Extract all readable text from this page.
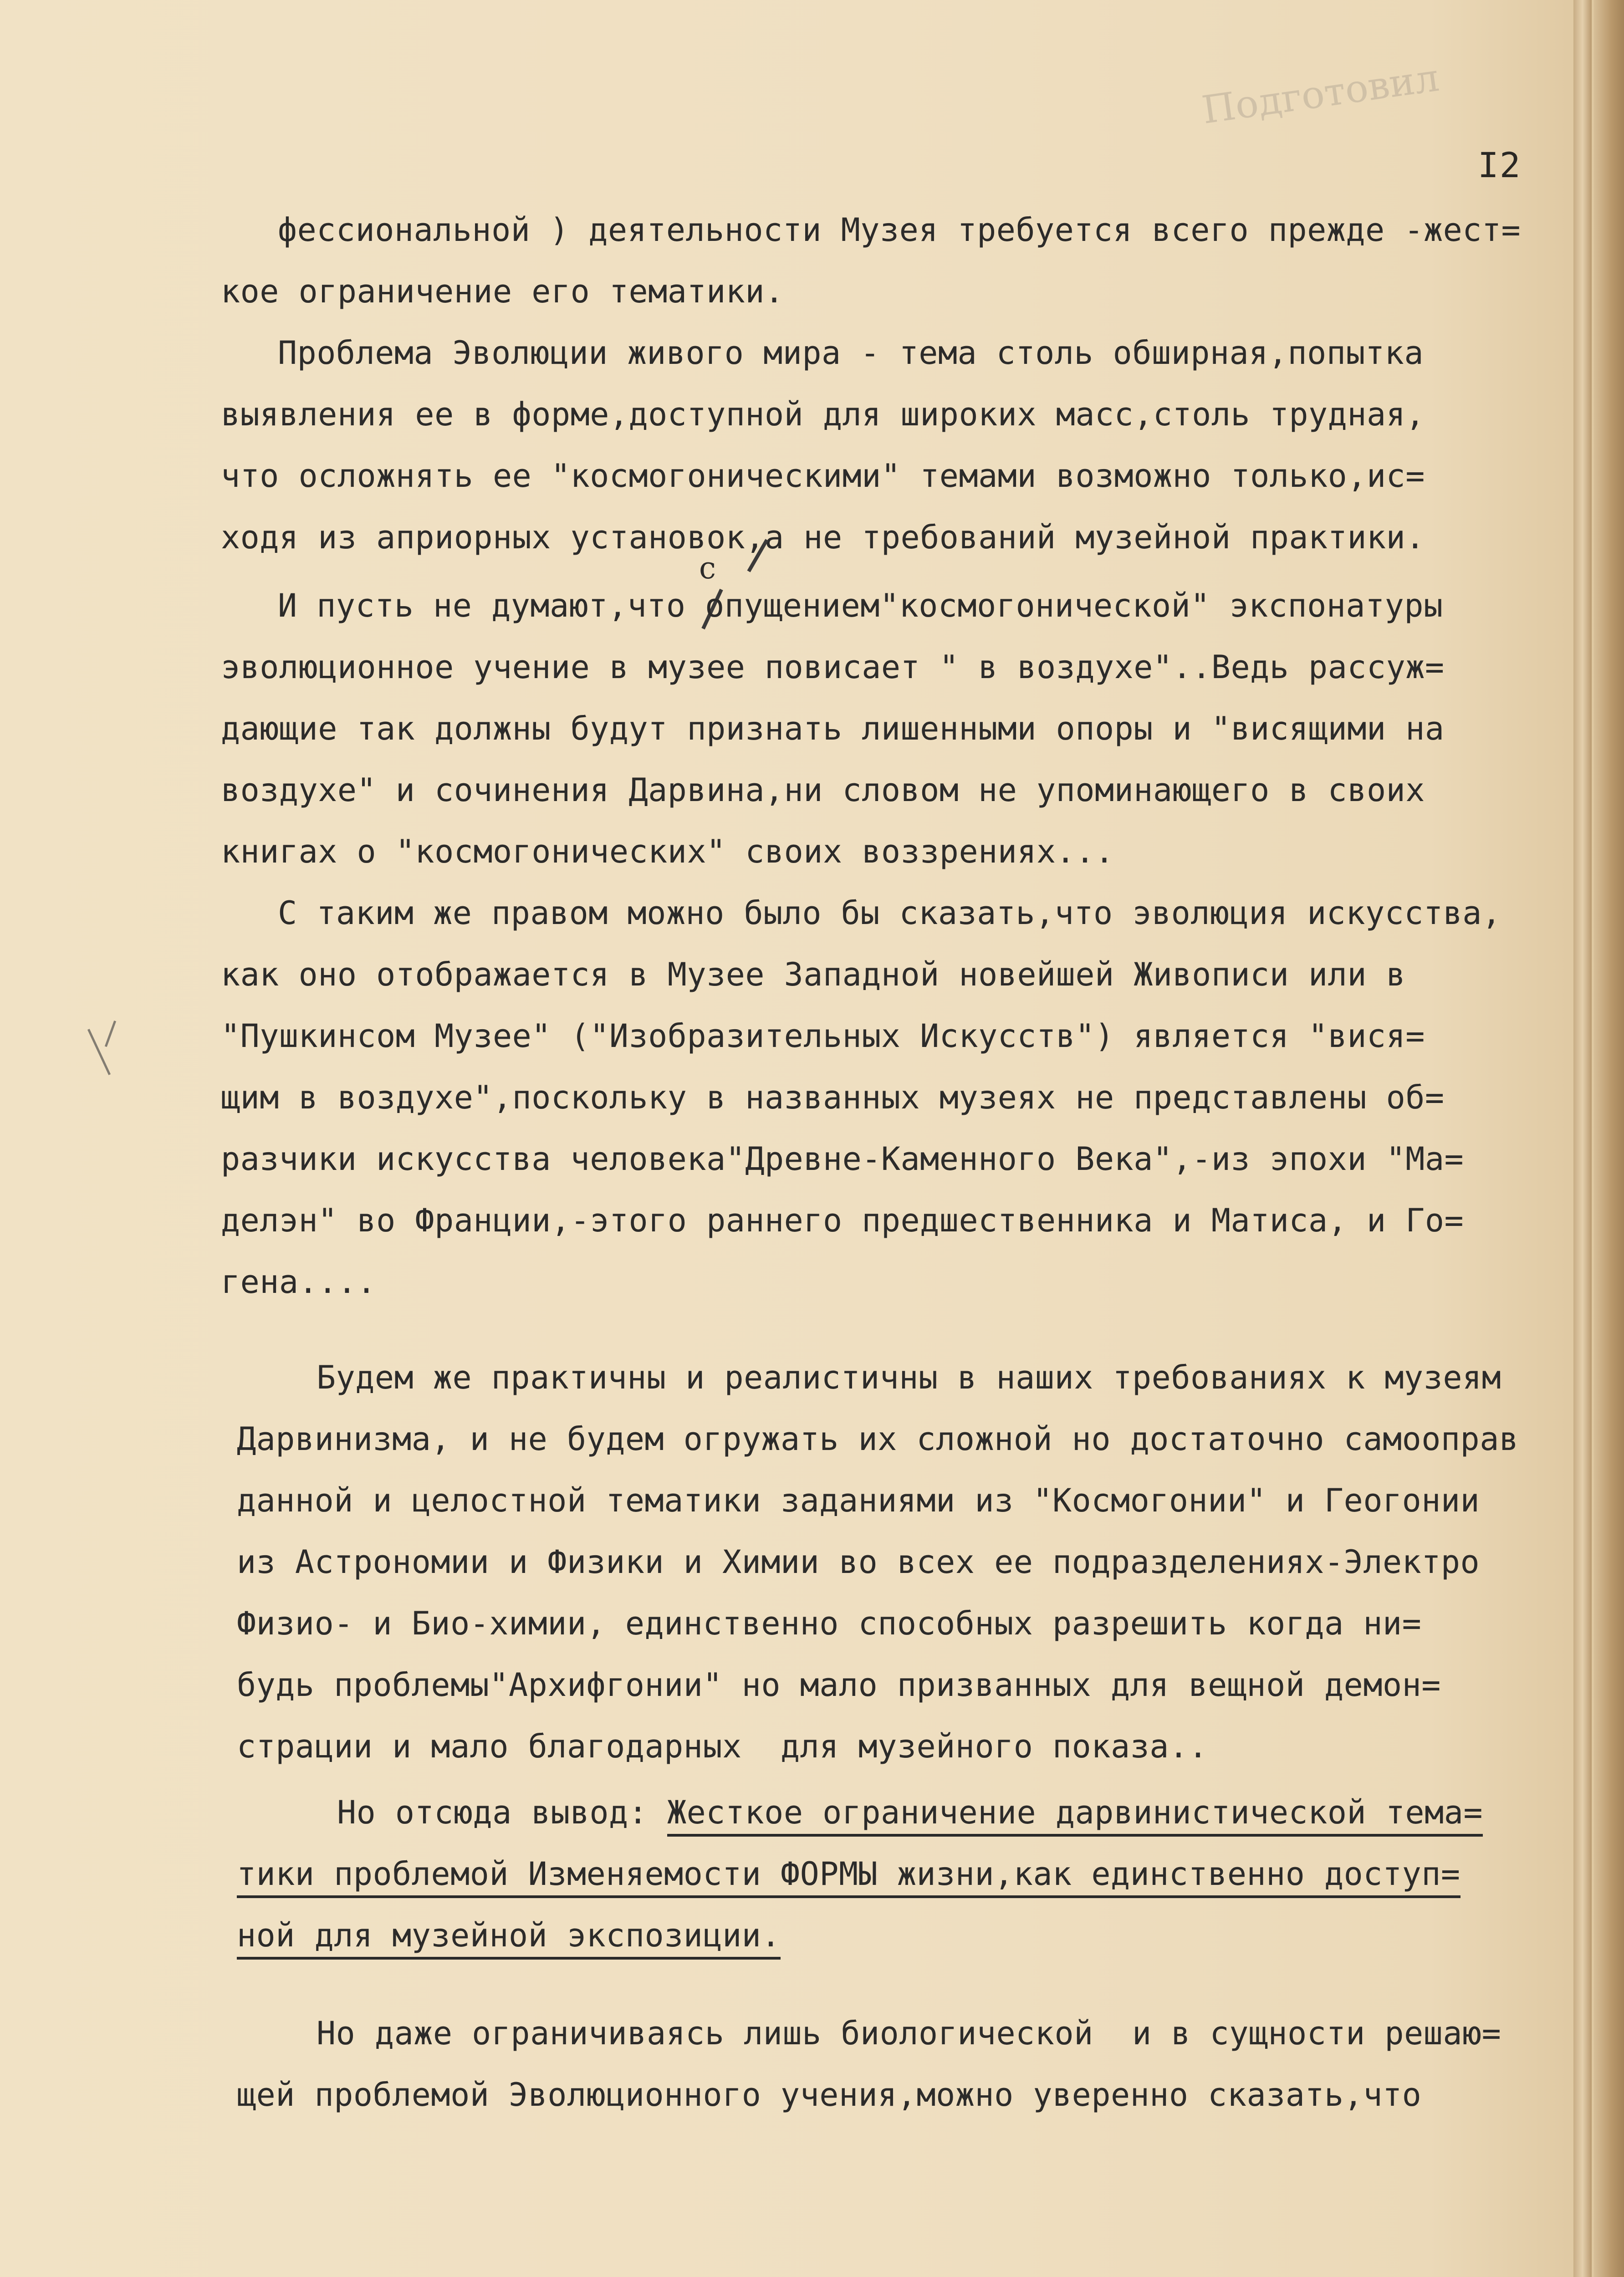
Подготовил
I2
фессиональной ) деятельности Музея требуется всего прежде -жест=
кое ограничение его тематики.
Проблема Эволюции живого мира - тема столь обширная,попытка
выявления ее в форме,доступной для широких масс,столь трудная,
что осложнять ее "космогоническими" темами возможно только,ис=
ходя из априорных установок,а не требований музейной практики.
с
И пусть не думают,что опущением"космогонической" экспонатуры
эволюционное учение в музее повисает " в воздухе"..Ведь рассуж=
дающие так должны будут признать лишенными опоры и "висящими на
воздухе" и сочинения Дарвина,ни словом не упоминающего в своих
книгах о "космогонических" своих воззрениях...
С таким же правом можно было бы сказать,что эволюция искусства,
как оно отображается в Музее Западной новейшей Живописи или в
"Пушкинсом Музее" ("Изобразительных Искусств") является "вися=
щим в воздухе",поскольку в названных музеях не представлены об=
разчики искусства человека"Древне-Каменного Века",-из эпохи "Ма=
делэн" во Франции,-этого раннего предшественника и Матиса, и Го=
гена....
Будем же практичны и реалистичны в наших требованиях к музеям
Дарвинизма, и не будем огружать их сложной но достаточно самооправ
данной и целостной тематики заданиями из "Космогонии" и Геогонии
из Астрономии и Физики и Химии во всех ее подразделениях-Электро
Физио- и Био-химии, единственно способных разрешить когда ни=
будь проблемы"Архифгонии" но мало призванных для вещной демон=
страции и мало благодарных  для музейного показа..
Но отсюда вывод: Жесткое ограничение дарвинистической тема=
тики проблемой Изменяемости ФОРМЫ жизни,как единственно доступ=
ной для музейной экспозиции.
Но даже ограничиваясь лишь биологической  и в сущности решаю=
щей проблемой Эволюционного учения,можно уверенно сказать,что
